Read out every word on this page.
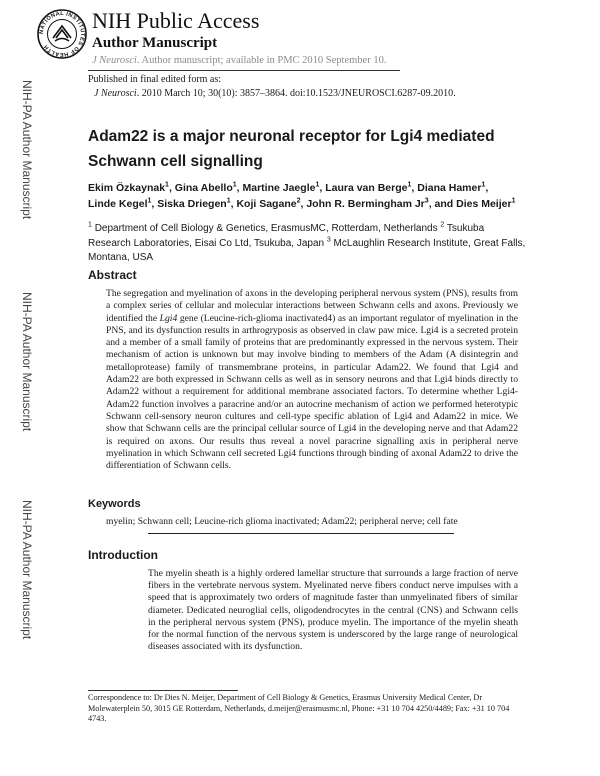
NATIONAL INSTITUTES OF HEALTH
NIH Public Access
Author Manuscript
J Neurosci. Author manuscript; available in PMC 2010 September 10.
Published in final edited form as:
J Neurosci. 2010 March 10; 30(10): 3857–3864. doi:10.1523/JNEUROSCI.6287-09.2010.
NIH-PA Author Manuscript
NIH-PA Author Manuscript
NIH-PA Author Manuscript
Adam22 is a major neuronal receptor for Lgi4 mediated Schwann cell signalling
Ekim Özkaynak$^1$, Gina Abello$^1$, Martine Jaegle$^1$, Laura van Berge$^1$, Diana Hamer$^1$, Linde Kegel$^1$, Siska Driegen$^1$, Koji Sagane$^2$, John R. Bermingham Jr$^3$, and Dies Meijer$^1$
$^1$ Department of Cell Biology & Genetics, ErasmusMC, Rotterdam, Netherlands $^2$ Tsukuba Research Laboratories, Eisai Co Ltd, Tsukuba, Japan $^3$ McLaughlin Research Institute, Great Falls, Montana, USA
Abstract
The segregation and myelination of axons in the developing peripheral nervous system (PNS), results from a complex series of cellular and molecular interactions between Schwann cells and axons. Previously we identified the Lgi4 gene (Leucine-rich-glioma inactivated4) as an important regulator of myelination in the PNS, and its dysfunction results in arthrogryposis as observed in claw paw mice. Lgi4 is a secreted protein and a member of a small family of proteins that are predominantly expressed in the nervous system. Their mechanism of action is unknown but may involve binding to members of the Adam (A disintegrin and metalloprotease) family of transmembrane proteins, in particular Adam22. We found that Lgi4 and Adam22 are both expressed in Schwann cells as well as in sensory neurons and that Lgi4 binds directly to Adam22 without a requirement for additional membrane associated factors. To determine whether Lgi4-Adam22 function involves a paracrine and/or an autocrine mechanism of action we performed heterotypic Schwann cell-sensory neuron cultures and cell-type specific ablation of Lgi4 and Adam22 in mice. We show that Schwann cells are the principal cellular source of Lgi4 in the developing nerve and that Adam22 is required on axons. Our results thus reveal a novel paracrine signalling axis in peripheral nerve myelination in which Schwann cell secreted Lgi4 functions through binding of axonal Adam22 to drive the differentiation of Schwann cells.
Keywords
myelin; Schwann cell; Leucine-rich glioma inactivated; Adam22; peripheral nerve; cell fate
Introduction
The myelin sheath is a highly ordered lamellar structure that surrounds a large fraction of nerve fibers in the vertebrate nervous system. Myelinated nerve fibers conduct nerve impulses with a speed that is approximately two orders of magnitude faster than unmyelinated fibers of similar diameter. Dedicated neuroglial cells, oligodendrocytes in the central (CNS) and Schwann cells in the peripheral nervous system (PNS), produce myelin. The importance of the myelin sheath for the normal function of the nervous system is underscored by the large range of neurological diseases associated with its dysfunction.
Correspondence to: Dr Dies N. Meijer, Department of Cell Biology & Genetics, Erasmus University Medical Center, Dr Molewaterplein 50, 3015 GE Rotterdam, Netherlands, d.meijer@erasmusmc.nl, Phone: +31 10 704 4250/4489; Fax: +31 10 704 4743.
